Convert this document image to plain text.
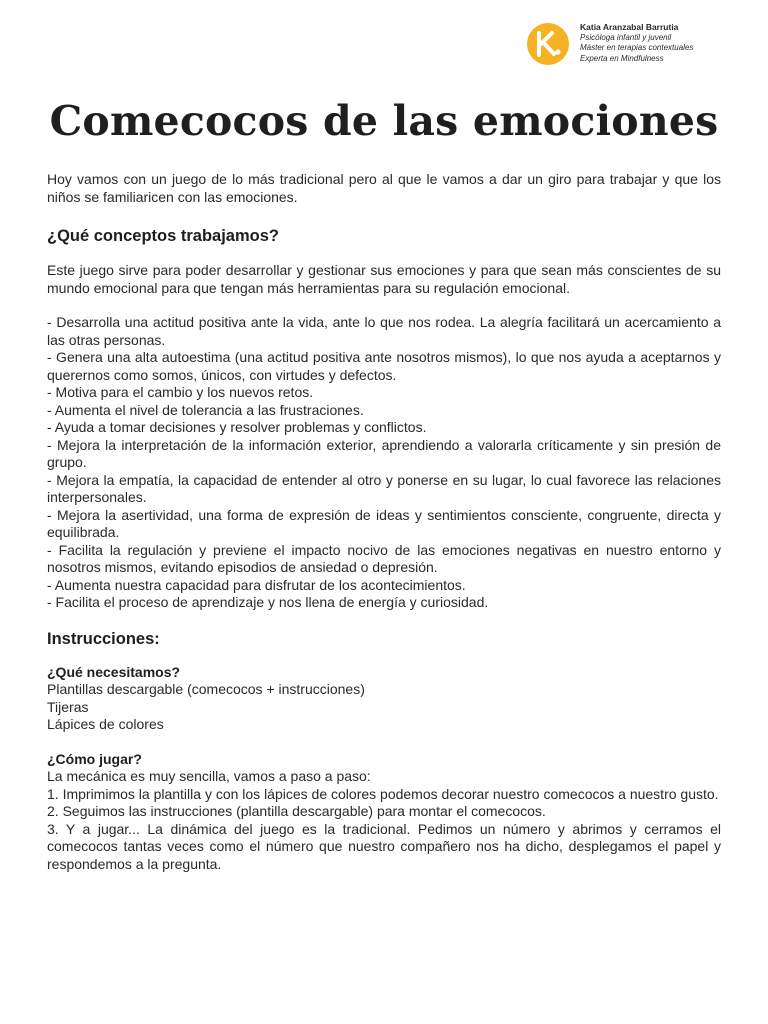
Katia Aranzabal Barrutia
Psicóloga infantil y juvenil
Máster en terapias contextuales
Experta en Mindfulness
Comecocos de las emociones

Hoy vamos con un juego de lo más tradicional pero al que le vamos a dar un giro para trabajar y que los niños se familiaricen con las emociones.

¿Qué conceptos trabajamos?

Este juego sirve para poder desarrollar y gestionar sus emociones y para que sean más conscientes de su mundo emocional para que tengan más herramientas para su regulación emocional.

- Desarrolla una actitud positiva ante la vida, ante lo que nos rodea. La alegría facilitará un acercamiento a las otras personas.

- Genera una alta autoestima (una actitud positiva ante nosotros mismos), lo que nos ayuda a aceptarnos y querernos como somos, únicos, con virtudes y defectos.

- Motiva para el cambio y los nuevos retos.

- Aumenta el nivel de tolerancia a las frustraciones.

- Ayuda a tomar decisiones y resolver problemas y conflictos.

- Mejora la interpretación de la información exterior, aprendiendo a valorarla críticamente y sin presión de grupo.

- Mejora la empatía, la capacidad de entender al otro y ponerse en su lugar, lo cual favorece las relaciones interpersonales.

- Mejora la asertividad, una forma de expresión de ideas y sentimientos consciente, congruente, directa y equilibrada.

- Facilita la regulación y previene el impacto nocivo de las emociones negativas en nuestro entorno y nosotros mismos, evitando episodios de ansiedad o depresión.

- Aumenta nuestra capacidad para disfrutar de los acontecimientos.

- Facilita el proceso de aprendizaje y nos llena de energía y curiosidad.

Instrucciones:

¿Qué necesitamos?

Plantillas descargable (comecocos + instrucciones)

Tijeras

Lápices de colores

¿Cómo jugar?

La mecánica es muy sencilla, vamos a paso a paso:

1. Imprimimos la plantilla y con los lápices de colores podemos decorar nuestro comecocos a nuestro gusto.

2. Seguimos las instrucciones (plantilla descargable) para montar el comecocos.

3. Y a jugar... La dinámica del juego es la tradicional. Pedimos un número y abrimos y cerramos el comecocos tantas veces como el número que nuestro compañero nos ha dicho, desplegamos el papel y respondemos a la pregunta.
